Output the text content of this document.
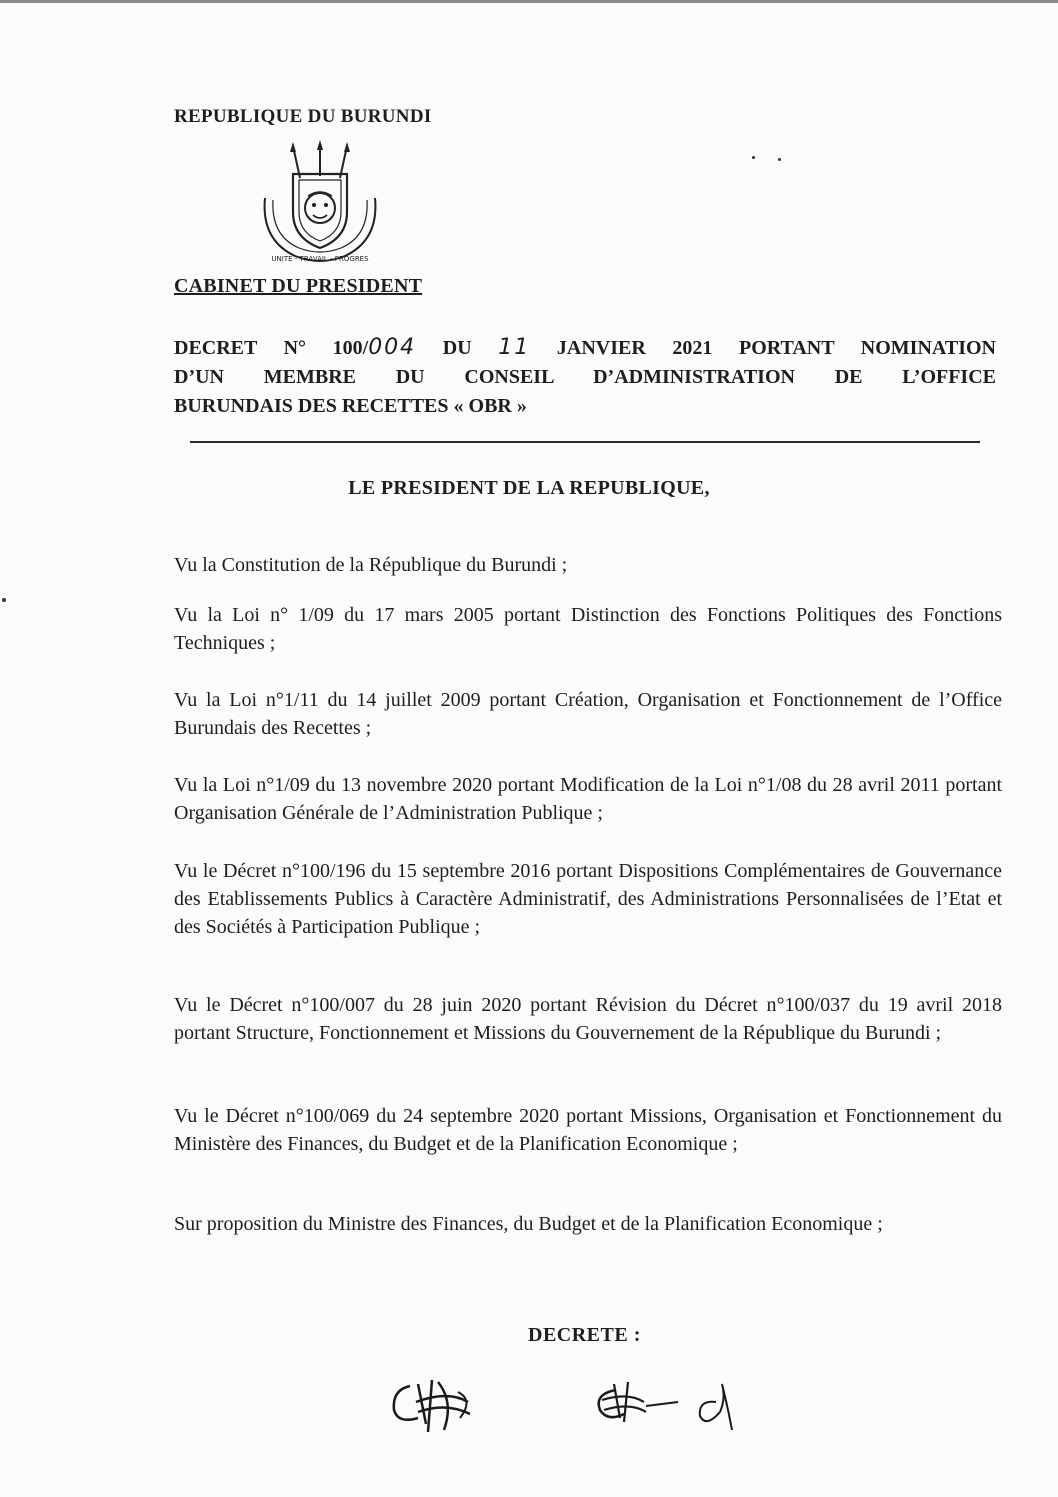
REPUBLIQUE DU BURUNDI
UNITE - TRAVAIL - PROGRES
CABINET DU PRESIDENT
DECRET N° 100/004 DU 11 JANVIER 2021 PORTANT NOMINATION
D’UN MEMBRE DU CONSEIL D’ADMINISTRATION DE L’OFFICE
BURUNDAIS DES RECETTES « OBR »
LE PRESIDENT DE LA REPUBLIQUE,

Vu la Constitution de la République du Burundi ;

Vu la Loi n° 1/09 du 17 mars 2005 portant Distinction des Fonctions Politiques des Fonctions Techniques ;

Vu la Loi n°1/11 du 14 juillet 2009 portant Création, Organisation et Fonctionnement de l’Office Burundais des Recettes ;

Vu la Loi n°1/09 du 13 novembre 2020 portant Modification de la Loi n°1/08 du 28 avril 2011 portant Organisation Générale de l’Administration Publique ;

Vu le Décret n°100/196 du 15 septembre 2016 portant Dispositions Complémentaires de Gouvernance des Etablissements Publics à Caractère Administratif, des Administrations Personnalisées de l’Etat et des Sociétés à Participation Publique ;

Vu le Décret n°100/007 du 28 juin 2020 portant Révision du Décret n°100/037 du 19 avril 2018 portant Structure, Fonctionnement et Missions du Gouvernement de la République du Burundi ;

Vu le Décret n°100/069 du 24 septembre 2020 portant Missions, Organisation et Fonctionnement du Ministère des Finances, du Budget et de la Planification Economique ;

Sur proposition du Ministre des Finances, du Budget et de la Planification Economique ;

DECRETE :
